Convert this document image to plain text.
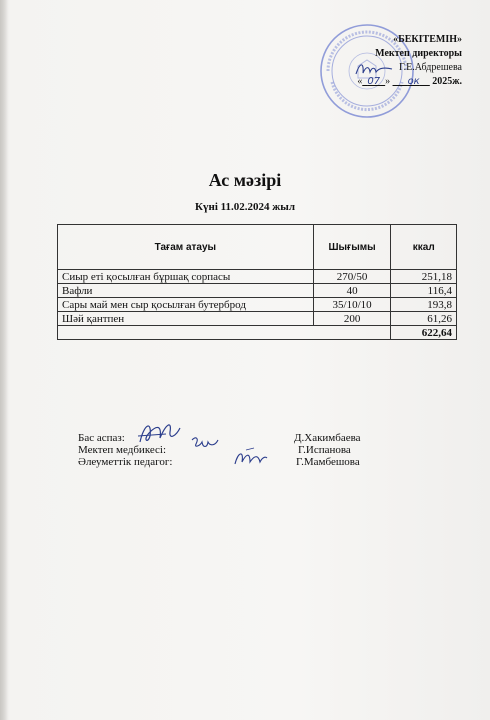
«БЕКІТЕМІН»
Мектеп директоры
Г.Е.Абдрешева
«_07_» ___ок__ 2025ж.
Ас мәзірі
Күні 11.02.2024 жыл
Тағам атауы	Шығымы	ккал
Сиыр еті қосылған бұршақ сорпасы	270/50	251,18
Вафли	40	116,4
Сары май мен сыр қосылған бутерброд	35/10/10	193,8
Шәй қантпен	200	61,26
		622,64
Бас аспаз:	Д.Хакимбаева
Мектеп медбикесі:	Г.Испанова
Әлеуметтік педагог:	Г.Мамбешова
